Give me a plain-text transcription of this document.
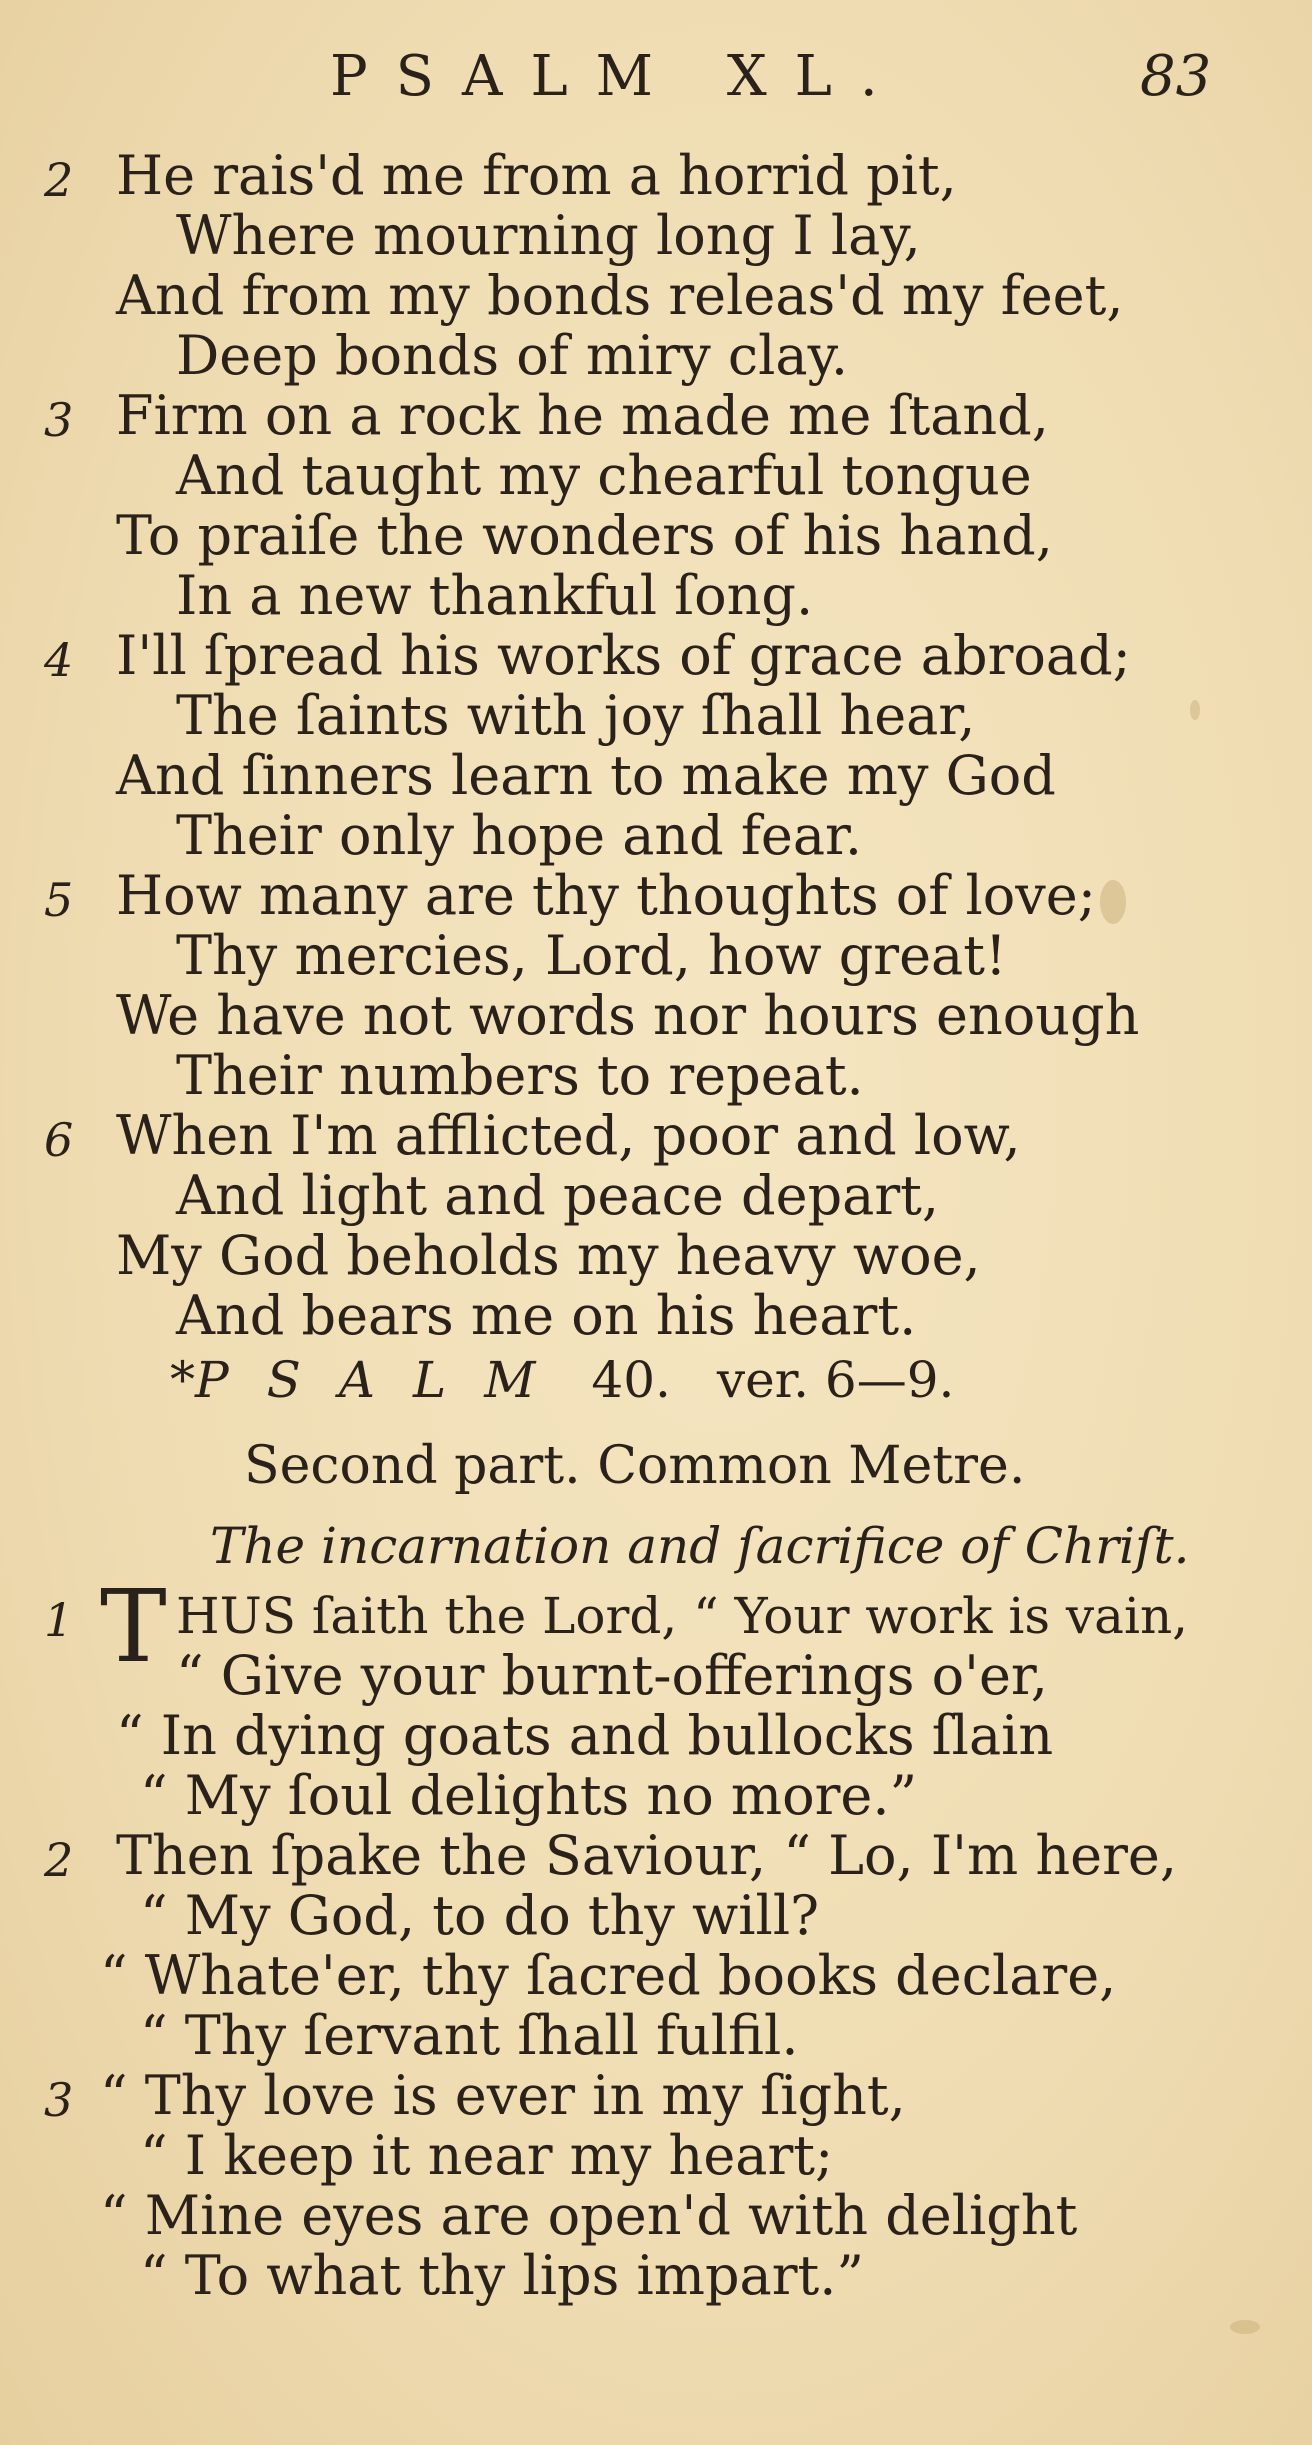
PSALM XL.	83
2 He rais'd me from a horrid pit,
Where mourning long I lay,
And from my bonds releas'd my feet,
Deep bonds of miry clay.
3 Firm on a rock he made me ſtand,
And taught my chearful tongue
To praiſe the wonders of his hand,
In a new thankful ſong.
4 I'll ſpread his works of grace abroad;
The ſaints with joy ſhall hear,
And ſinners learn to make my God
Their only hope and fear.
5 How many are thy thoughts of love;
Thy mercies, Lord, how great!
We have not words nor hours enough
Their numbers to repeat.
6 When I'm afflicted, poor and low,
And light and peace depart,
My God beholds my heavy woe,
And bears me on his heart.
*PSALM 40. ver. 6—9.
Second part. Common Metre.
The incarnation and ſacrifice of Chriſt.
1 T HUS ſaith the Lord, “ Your work is vain,
“ Give your burnt-offerings o'er,
“ In dying goats and bullocks ſlain
“ My ſoul delights no more.”
2 Then ſpake the Saviour, “ Lo, I'm here,
“ My God, to do thy will?
“ Whate'er, thy ſacred books declare,
“ Thy ſervant ſhall fulfil.
3 “ Thy love is ever in my ſight,
“ I keep it near my heart;
“ Mine eyes are open'd with delight
“ To what thy lips impart.”
